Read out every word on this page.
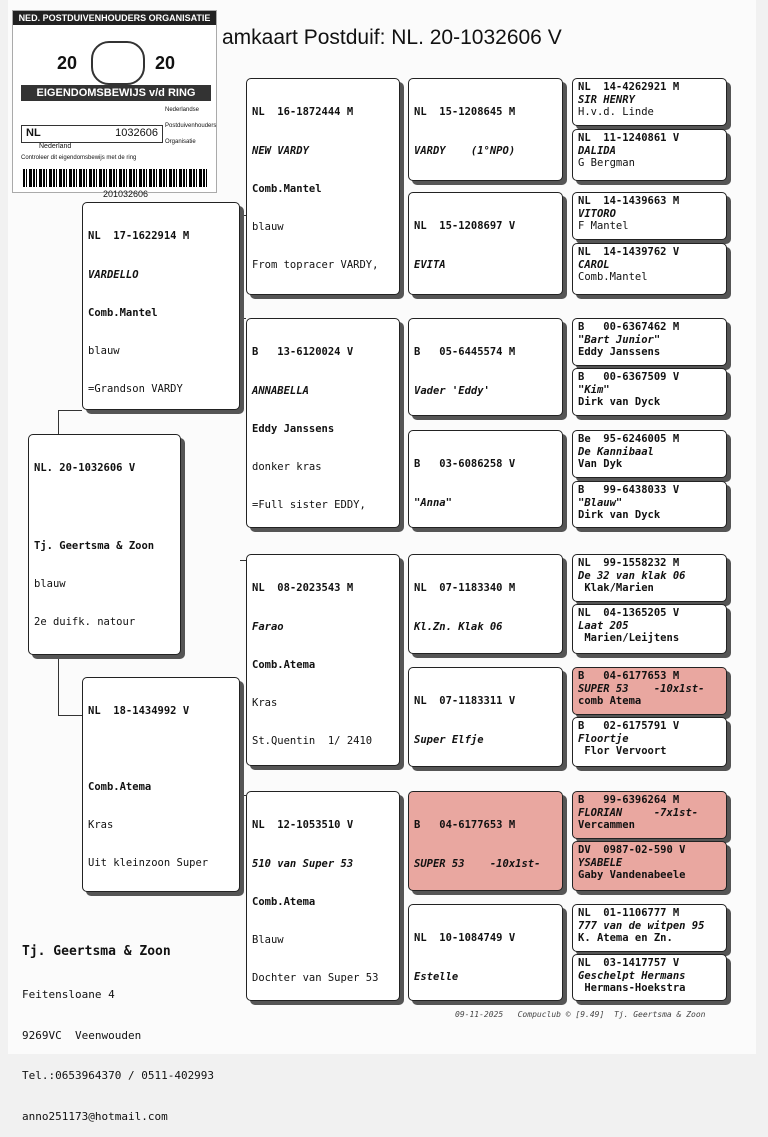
amkaart Postduif: NL. 20-1032606 V
NED. POSTDUIVENHOUDERS ORGANISATIE
20	20
EIGENDOMSBEWIJS v/d RING
NL	1032606
Nederlandse
Postduivenhouders
Organisatie
Nederland
Controleer dit eigendomsbewijs met de ring
201032606

NL. 20-1032606 V

Tj. Geertsma & Zoon

blauw

2e duifk. natour

NL  17-1622914 M

VARDELLO

Comb.Mantel

blauw

=Grandson VARDY

NL  18-1434992 V

Comb.Atema

Kras

Uit kleinzoon Super

NL  16-1872444 M

NEW VARDY

Comb.Mantel

blauw

From topracer VARDY,

B   13-6120024 V

ANNABELLA

Eddy Janssens

donker kras

=Full sister EDDY,

NL  08-2023543 M

Farao

Comb.Atema

Kras

St.Quentin  1/ 2410

NL  12-1053510 V

510 van Super 53

Comb.Atema

Blauw

Dochter van Super 53

NL  15-1208645 M

VARDY    (1°NPO)

NL  15-1208697 V

EVITA

B   05-6445574 M

Vader 'Eddy'

B   03-6086258 V

"Anna"

NL  07-1183340 M

Kl.Zn. Klak 06

NL  07-1183311 V

Super Elfje

B   04-6177653 M

SUPER 53    -10x1st-

NL  10-1084749 V

Estelle

NL  14-4262921 M
SIR HENRY
H.v.d. Linde
NL  11-1240861 V
DALIDA
G Bergman
NL  14-1439663 M
VITORO
F Mantel
NL  14-1439762 V
CAROL
Comb.Mantel
B   00-6367462 M
"Bart Junior"
Eddy Janssens
B   00-6367509 V
"Kim"
Dirk van Dyck
Be  95-6246005 M
De Kannibaal
Van Dyk
B   99-6438033 V
"Blauw"
Dirk van Dyck
NL  99-1558232 M
De 32 van klak 06
Klak/Marien
NL  04-1365205 V
Laat 205
Marien/Leijtens
B   04-6177653 M
SUPER 53    -10x1st-
comb Atema
B   02-6175791 V
Floortje
Flor Vervoort
B   99-6396264 M
FLORIAN     -7x1st-
Vercammen
DV  0987-02-590 V
YSABELE
Gaby Vandenabeele
NL  01-1106777 M
777 van de witpen 95
K. Atema en Zn.
NL  03-1417757 V
Geschelpt Hermans
Hermans-Hoekstra

Tj. Geertsma & Zoon

Feitensloane 4

9269VC  Veenwouden

Tel.:0653964370 / 0511-402993

anno251173@hotmail.com

09-11-2025   Compuclub © [9.49]  Tj. Geertsma & Zoon
